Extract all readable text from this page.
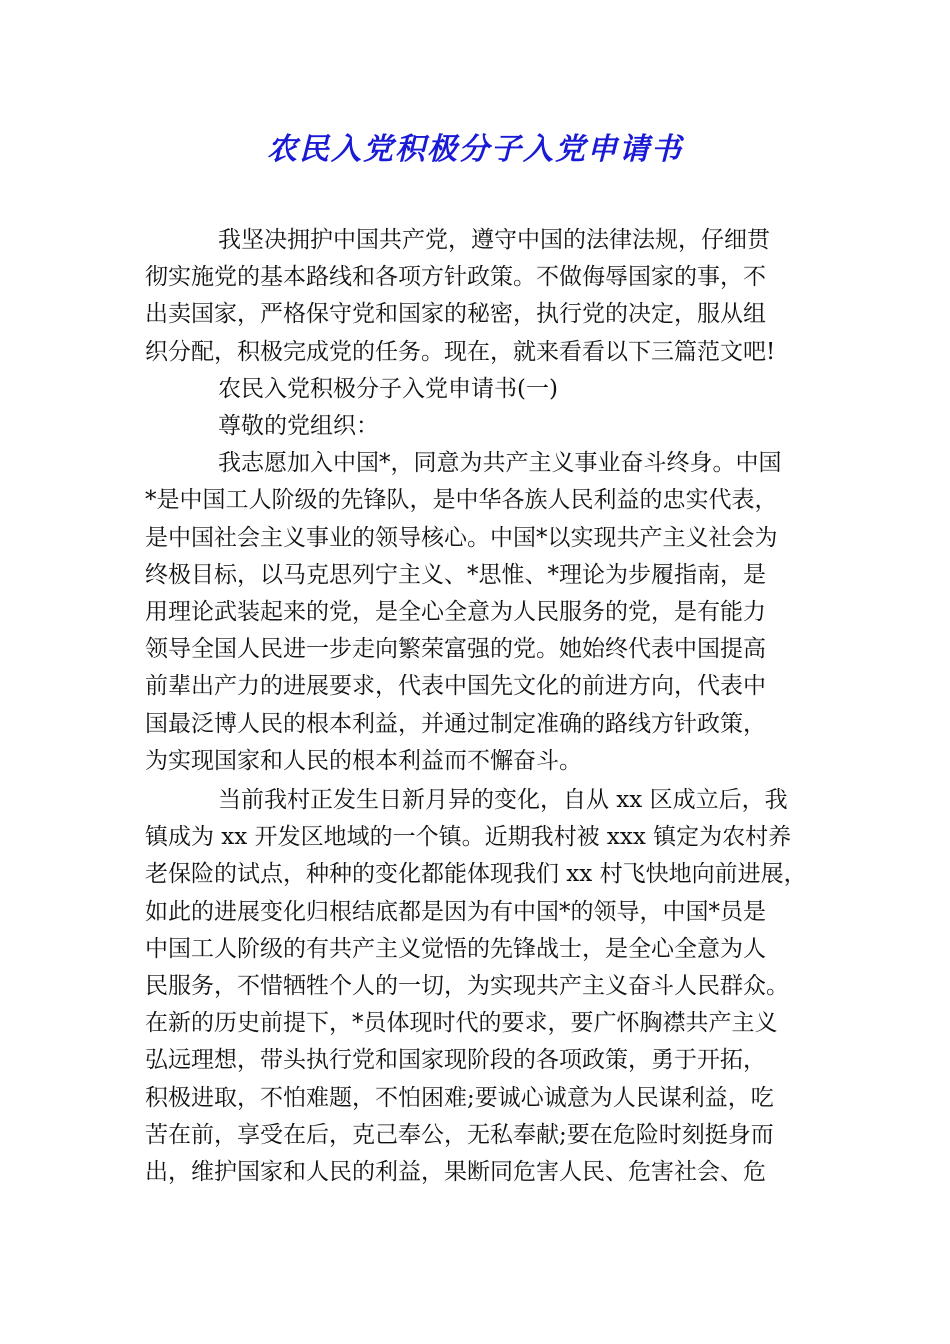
农民入党积极分子入党申请书
我坚决拥护中国共产党，遵守中国的法律法规，仔细贯
彻实施党的基本路线和各项方针政策。不做侮辱国家的事，不
出卖国家，严格保守党和国家的秘密，执行党的决定，服从组
织分配，积极完成党的任务。现在，就来看看以下三篇范文吧!
农民入党积极分子入党申请书(一)
尊敬的党组织：
我志愿加入中国*，同意为共产主义事业奋斗终身。中国
*是中国工人阶级的先锋队，是中华各族人民利益的忠实代表，
是中国社会主义事业的领导核心。中国*以实现共产主义社会为
终极目标，以马克思列宁主义、*思惟、*理论为步履指南，是
用理论武装起来的党，是全心全意为人民服务的党，是有能力
领导全国人民进一步走向繁荣富强的党。她始终代表中国提高
前辈出产力的进展要求，代表中国先文化的前进方向，代表中
国最泛博人民的根本利益，并通过制定准确的路线方针政策，
为实现国家和人民的根本利益而不懈奋斗。
当前我村正发生日新月异的变化，自从 xx 区成立后，我
镇成为 xx 开发区地域的一个镇。近期我村被 xxx 镇定为农村养
老保险的试点，种种的变化都能体现我们 xx 村飞快地向前进展，
如此的进展变化归根结底都是因为有中国*的领导，中国*员是
中国工人阶级的有共产主义觉悟的先锋战士，是全心全意为人
民服务，不惜牺牲个人的一切，为实现共产主义奋斗人民群众。
在新的历史前提下，*员体现时代的要求，要广怀胸襟共产主义
弘远理想，带头执行党和国家现阶段的各项政策，勇于开拓，
积极进取，不怕难题，不怕困难;要诚心诚意为人民谋利益，吃
苦在前，享受在后，克己奉公，无私奉献;要在危险时刻挺身而
出，维护国家和人民的利益，果断同危害人民、危害社会、危
